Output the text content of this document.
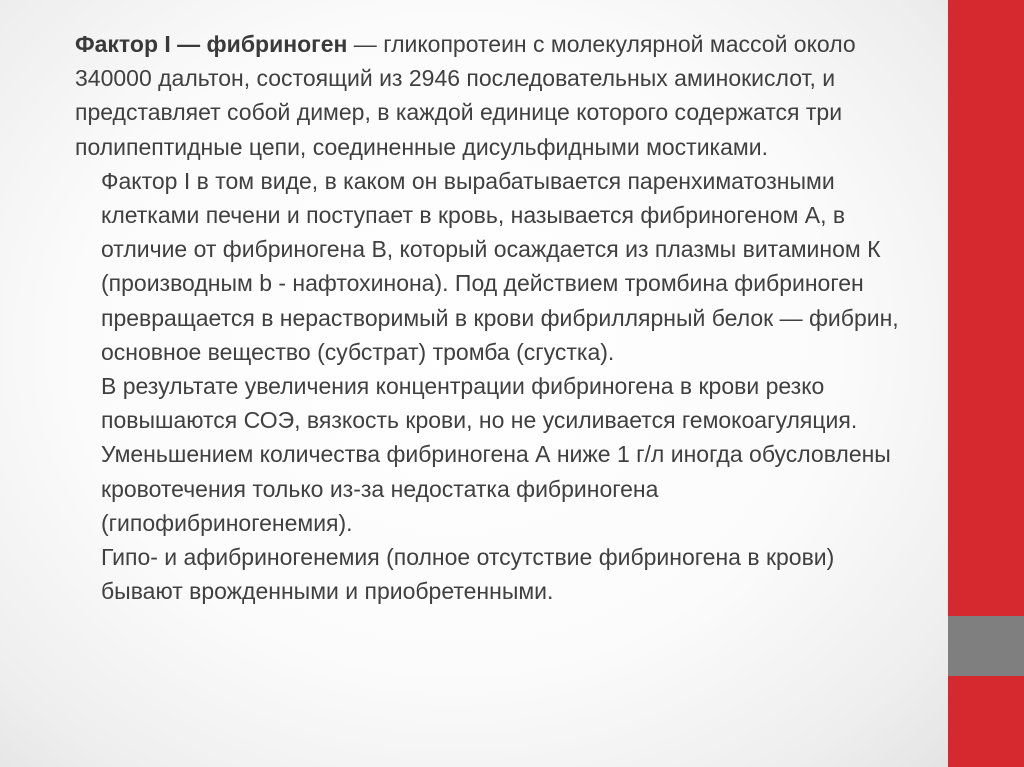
Фактор I — фибриноген — гликопротеин с молекулярной массой около 340000 дальтон, состоящий из 2946 последовательных аминокислот, и представляет собой димер, в каждой единице которого содержатся три полипептидные цепи, соединенные дисульфидными мостиками.

Фактор I в том виде, в каком он вырабатывается паренхиматозными клетками печени и поступает в кровь, называется фибриногеном A, в отличие от фибриногена B, который осаждается из плазмы витамином К (производным b - нафтохинона). Под действием тромбина фибриноген превращается в нерастворимый в крови фибриллярный белок — фибрин, основное вещество (субстрат) тромба (сгустка).

В результате увеличения концентрации фибриногена в крови резко повышаются СОЭ, вязкость крови, но не усиливается гемокоагуляция. Уменьшением количества фибриногена А ниже 1 г/л иногда обусловлены кровотечения только из-за недостатка фибриногена (гипофибриногенемия).

Гипо- и афибриногенемия (полное отсутствие фибриногена в крови) бывают врожденными и приобретенными.
